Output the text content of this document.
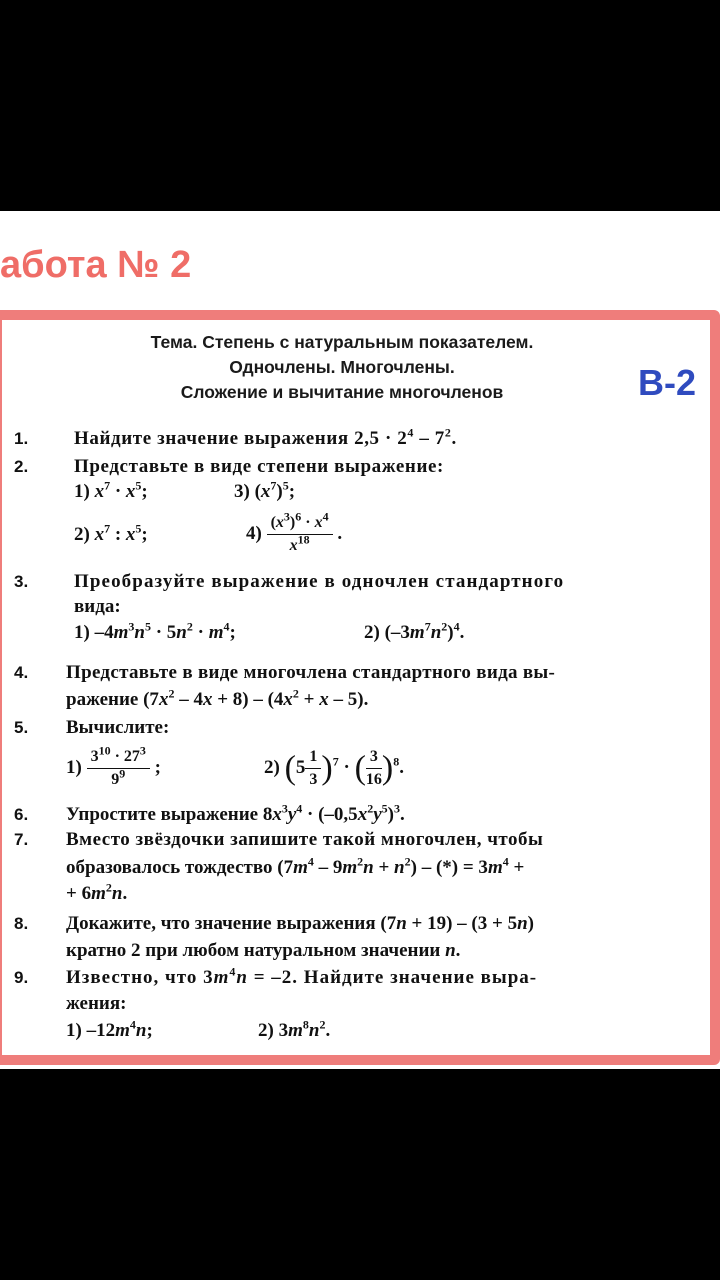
абота № 2
Тема. Степень с натуральным показателем.
Одночлены. Многочлены.
Сложение и вычитание многочленов	В-2
1. Найдите значение выражения $2,5 \cdot 2^4 - 7^2$.
2. Представьте в виде степени выражение:
1) $x^7 \cdot x^5$;	3) $(x^7)^5$;
2) $x^7$ : $x^5$;	$4) \frac{(x^3)^6 \cdot x^4}{x^{18}}$ .
3. Преобразуйте выражение в одночлен стандартного
вида:
1) $-4m^3n^5 \cdot 5n^2 \cdot m^4$;	2) $(-3m^7n^2)^4$.
4. Представьте в виде многочлена стандартного вида вы-
ражение $(7x^2 - 4x + 8) - (4x^2 + x - 5)$.
5. Вычислите:
$1) \frac{3^{10} \cdot 27^3}{9^9}$ ;	2) $(5 \frac{1}{3} )^7$ · ( $\frac{3}{16} )^8$.
6. Упростите выражение $8x^3y^4 \cdot (-0,5x^2y^5)^3$.
7. Вместо звёздочки запишите такой многочлен, чтобы
образовалось тождество $(7m^4 - 9m^2n + n^2)$ – (*) = $3m^4$ +
+ $6m^2n$.
8. Докажите, что значение выражения (7n + 19) – (3 + 5n)
кратно 2 при любом натуральном значении n.
9. Известно, что $3m^4n = -2$. Найдите значение выра-
жения:
1) $-12m^4n$;	2) $3m^8n^2$.
